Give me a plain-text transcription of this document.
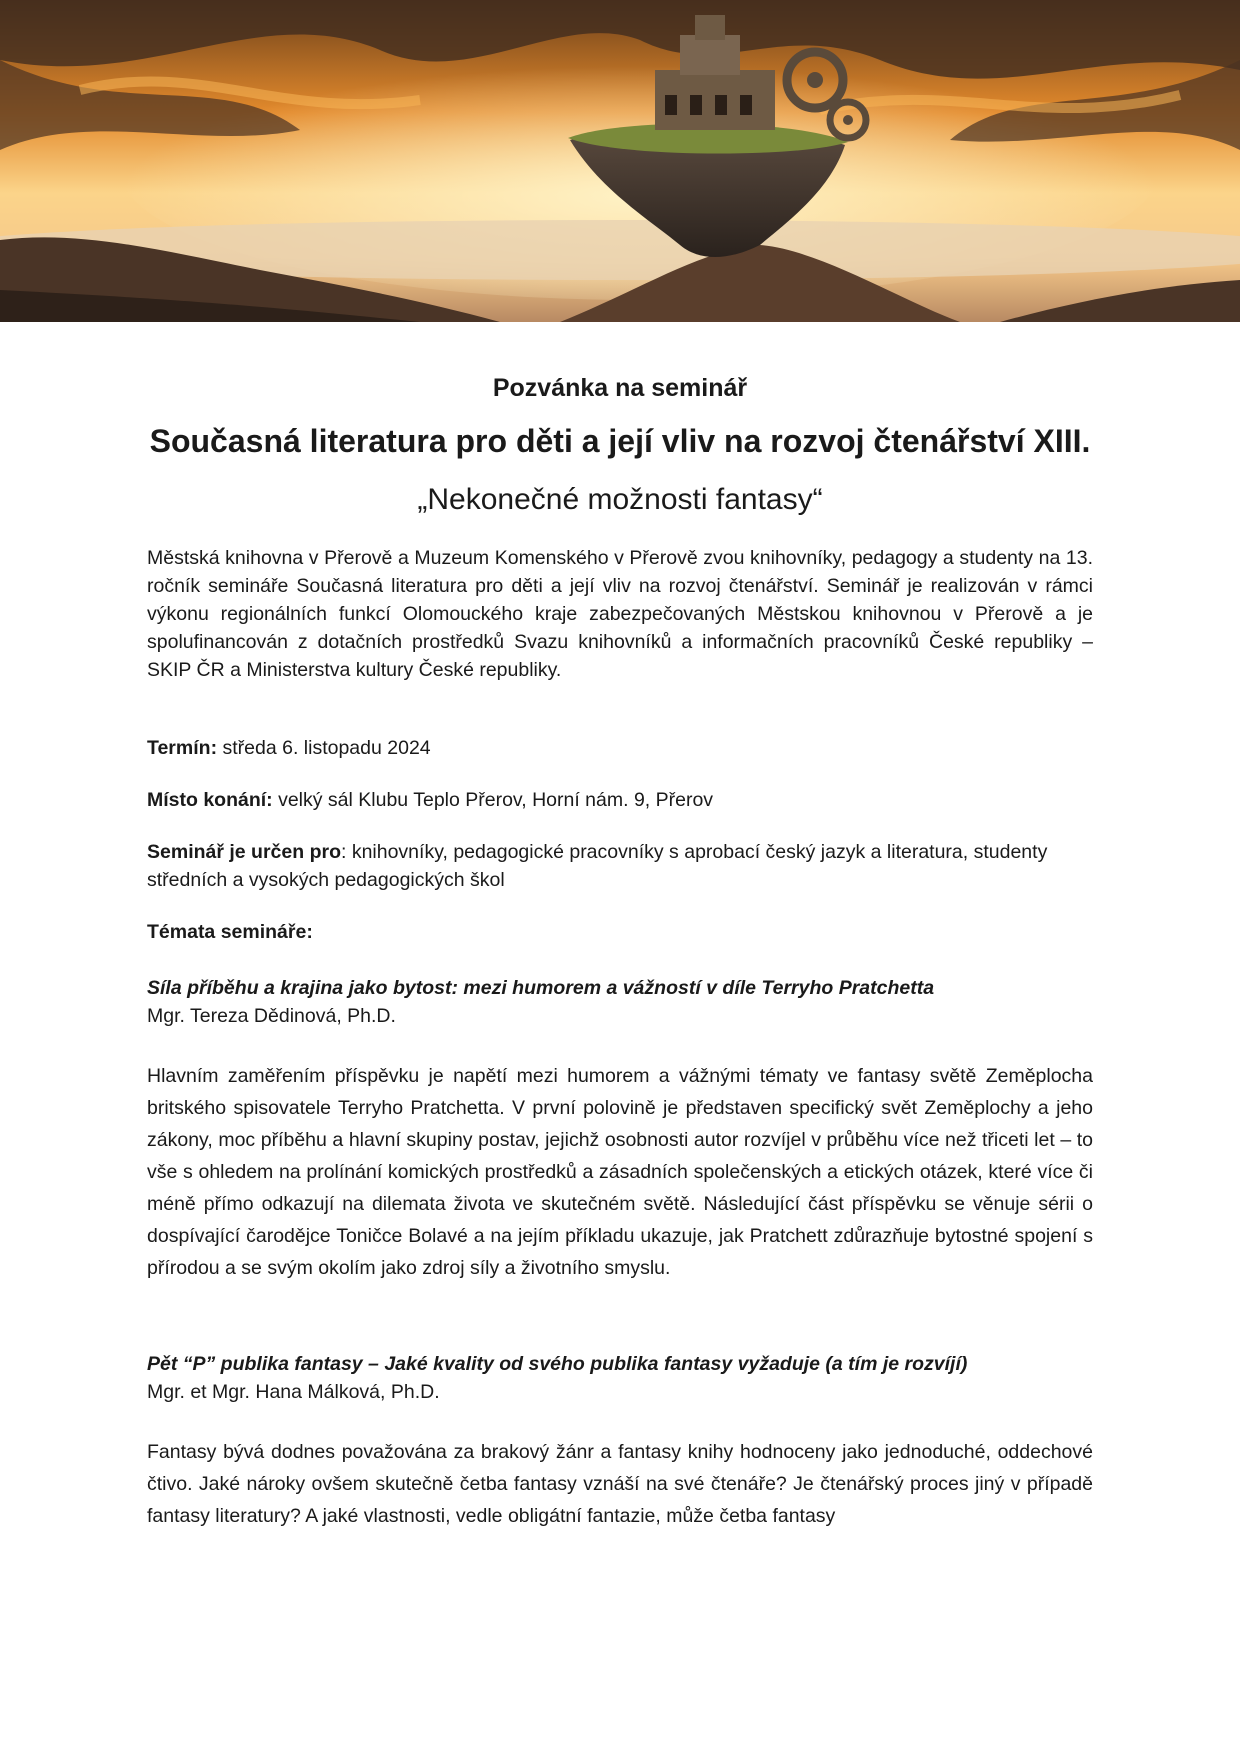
Pozvánka na seminář

Současná literatura pro děti a její vliv na rozvoj čtenářství XIII.

„Nekonečné možnosti fantasy“

Městská knihovna v Přerově a Muzeum Komenského v Přerově zvou knihovníky, pedagogy a studenty na 13. ročník semináře Současná literatura pro děti a její vliv na rozvoj čtenářství. Seminář je realizován v rámci výkonu regionálních funkcí Olomouckého kraje zabezpečovaných Městskou knihovnou v Přerově a je spolufinancován z dotačních prostředků Svazu knihovníků a informačních pracovníků České republiky – SKIP ČR a Ministerstva kultury České republiky.

Termín: středa 6. listopadu 2024

Místo konání: velký sál Klubu Teplo Přerov, Horní nám. 9, Přerov

Seminář je určen pro: knihovníky, pedagogické pracovníky s aprobací český jazyk a literatura, studenty středních a vysokých pedagogických škol

Témata semináře:

Síla příběhu a krajina jako bytost: mezi humorem a vážností v díle Terryho Pratchetta

Mgr. Tereza Dědinová, Ph.D.

Hlavním zaměřením příspěvku je napětí mezi humorem a vážnými tématy ve fantasy světě Zeměplocha britského spisovatele Terryho Pratchetta. V první polovině je představen specifický svět Zeměplochy a jeho zákony, moc příběhu a hlavní skupiny postav, jejichž osobnosti autor rozvíjel v průběhu více než třiceti let – to vše s ohledem na prolínání komických prostředků a zásadních společenských a etických otázek, které více či méně přímo odkazují na dilemata života ve skutečném světě. Následující část příspěvku se věnuje sérii o dospívající čarodějce Toničce Bolavé a na jejím příkladu ukazuje, jak Pratchett zdůrazňuje bytostné spojení s přírodou a se svým okolím jako zdroj síly a životního smyslu.

Pět “P” publika fantasy – Jaké kvality od svého publika fantasy vyžaduje (a tím je rozvíjí)

Mgr. et Mgr. Hana Málková, Ph.D.

Fantasy bývá dodnes považována za brakový žánr a fantasy knihy hodnoceny jako jednoduché, oddechové čtivo. Jaké nároky ovšem skutečně četba fantasy vznáší na své čtenáře? Je čtenářský proces jiný v případě fantasy literatury? A jaké vlastnosti, vedle obligátní fantazie, může četba fantasy
